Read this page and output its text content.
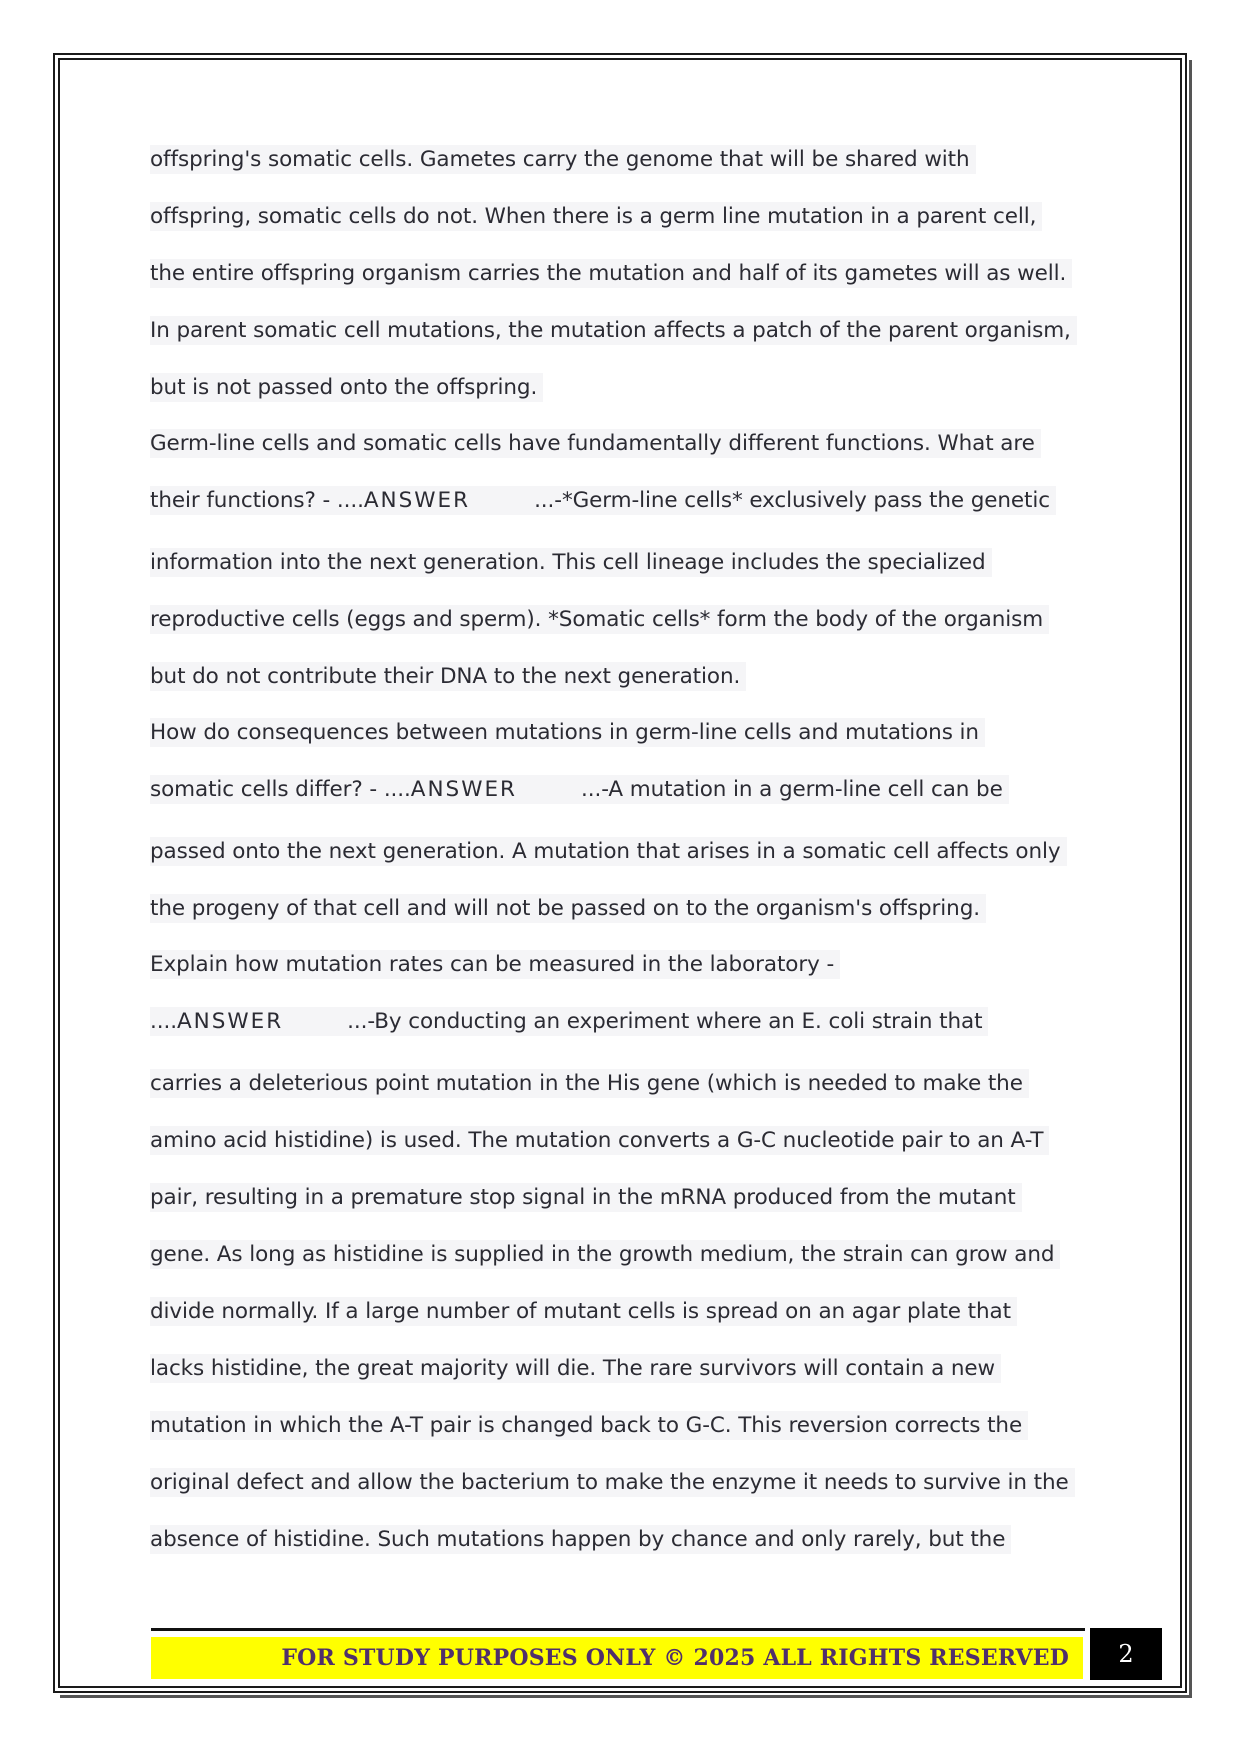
offspring's somatic cells. Gametes carry the genome that will be shared with
offspring, somatic cells do not. When there is a germ line mutation in a parent cell,
the entire offspring organism carries the mutation and half of its gametes will as well.
In parent somatic cell mutations, the mutation affects a patch of the parent organism,
but is not passed onto the offspring.
Germ-line cells and somatic cells have fundamentally different functions. What are
their functions? - ....ANSWER	...-*Germ-line cells* exclusively pass the genetic
information into the next generation. This cell lineage includes the specialized
reproductive cells (eggs and sperm). *Somatic cells* form the body of the organism
but do not contribute their DNA to the next generation.
How do consequences between mutations in germ-line cells and mutations in
somatic cells differ? - ....ANSWER	...-A mutation in a germ-line cell can be
passed onto the next generation. A mutation that arises in a somatic cell affects only
the progeny of that cell and will not be passed on to the organism's offspring.
Explain how mutation rates can be measured in the laboratory -
....ANSWER	...-By conducting an experiment where an E. coli strain that
carries a deleterious point mutation in the His gene (which is needed to make the
amino acid histidine) is used. The mutation converts a G-C nucleotide pair to an A-T
pair, resulting in a premature stop signal in the mRNA produced from the mutant
gene. As long as histidine is supplied in the growth medium, the strain can grow and
divide normally. If a large number of mutant cells is spread on an agar plate that
lacks histidine, the great majority will die. The rare survivors will contain a new
mutation in which the A-T pair is changed back to G-C. This reversion corrects the
original defect and allow the bacterium to make the enzyme it needs to survive in the
absence of histidine. Such mutations happen by chance and only rarely, but the
FOR STUDY PURPOSES ONLY © 2025 ALL RIGHTS RESERVED	2
